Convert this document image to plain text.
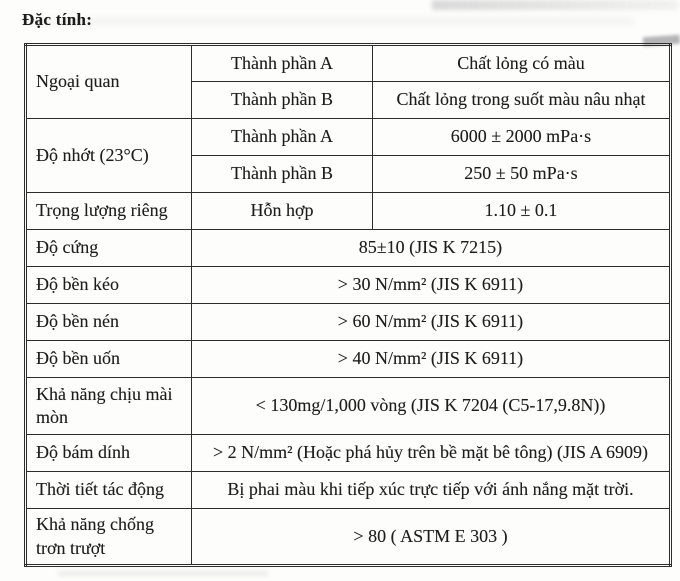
Đặc tính:
Ngoại quan	Thành phần A	Chất lỏng có màu
	Thành phần B	Chất lỏng trong suốt màu nâu nhạt
Độ nhớt (23°C)	Thành phần A	6000 ± 2000 mPa·s
	Thành phần B	250 ± 50 mPa·s
Trọng lượng riêng	Hỗn hợp	1.10 ± 0.1
Độ cứng	85±10 (JIS K 7215)	
Độ bền kéo	> 30 N/mm² (JIS K 6911)	
Độ bền nén	> 60 N/mm² (JIS K 6911)	
Độ bền uốn	> 40 N/mm² (JIS K 6911)	
Khả năng chịu mài mòn	< 130mg/1,000 vòng (JIS K 7204 (C5-17,9.8N))	
Độ bám dính	> 2 N/mm² (Hoặc phá hủy trên bề mặt bê tông) (JIS A 6909)	
Thời tiết tác động	Bị phai màu khi tiếp xúc trực tiếp với ánh nắng mặt trời.	
Khả năng chống trơn trượt	> 80 ( ASTM E 303 )	
